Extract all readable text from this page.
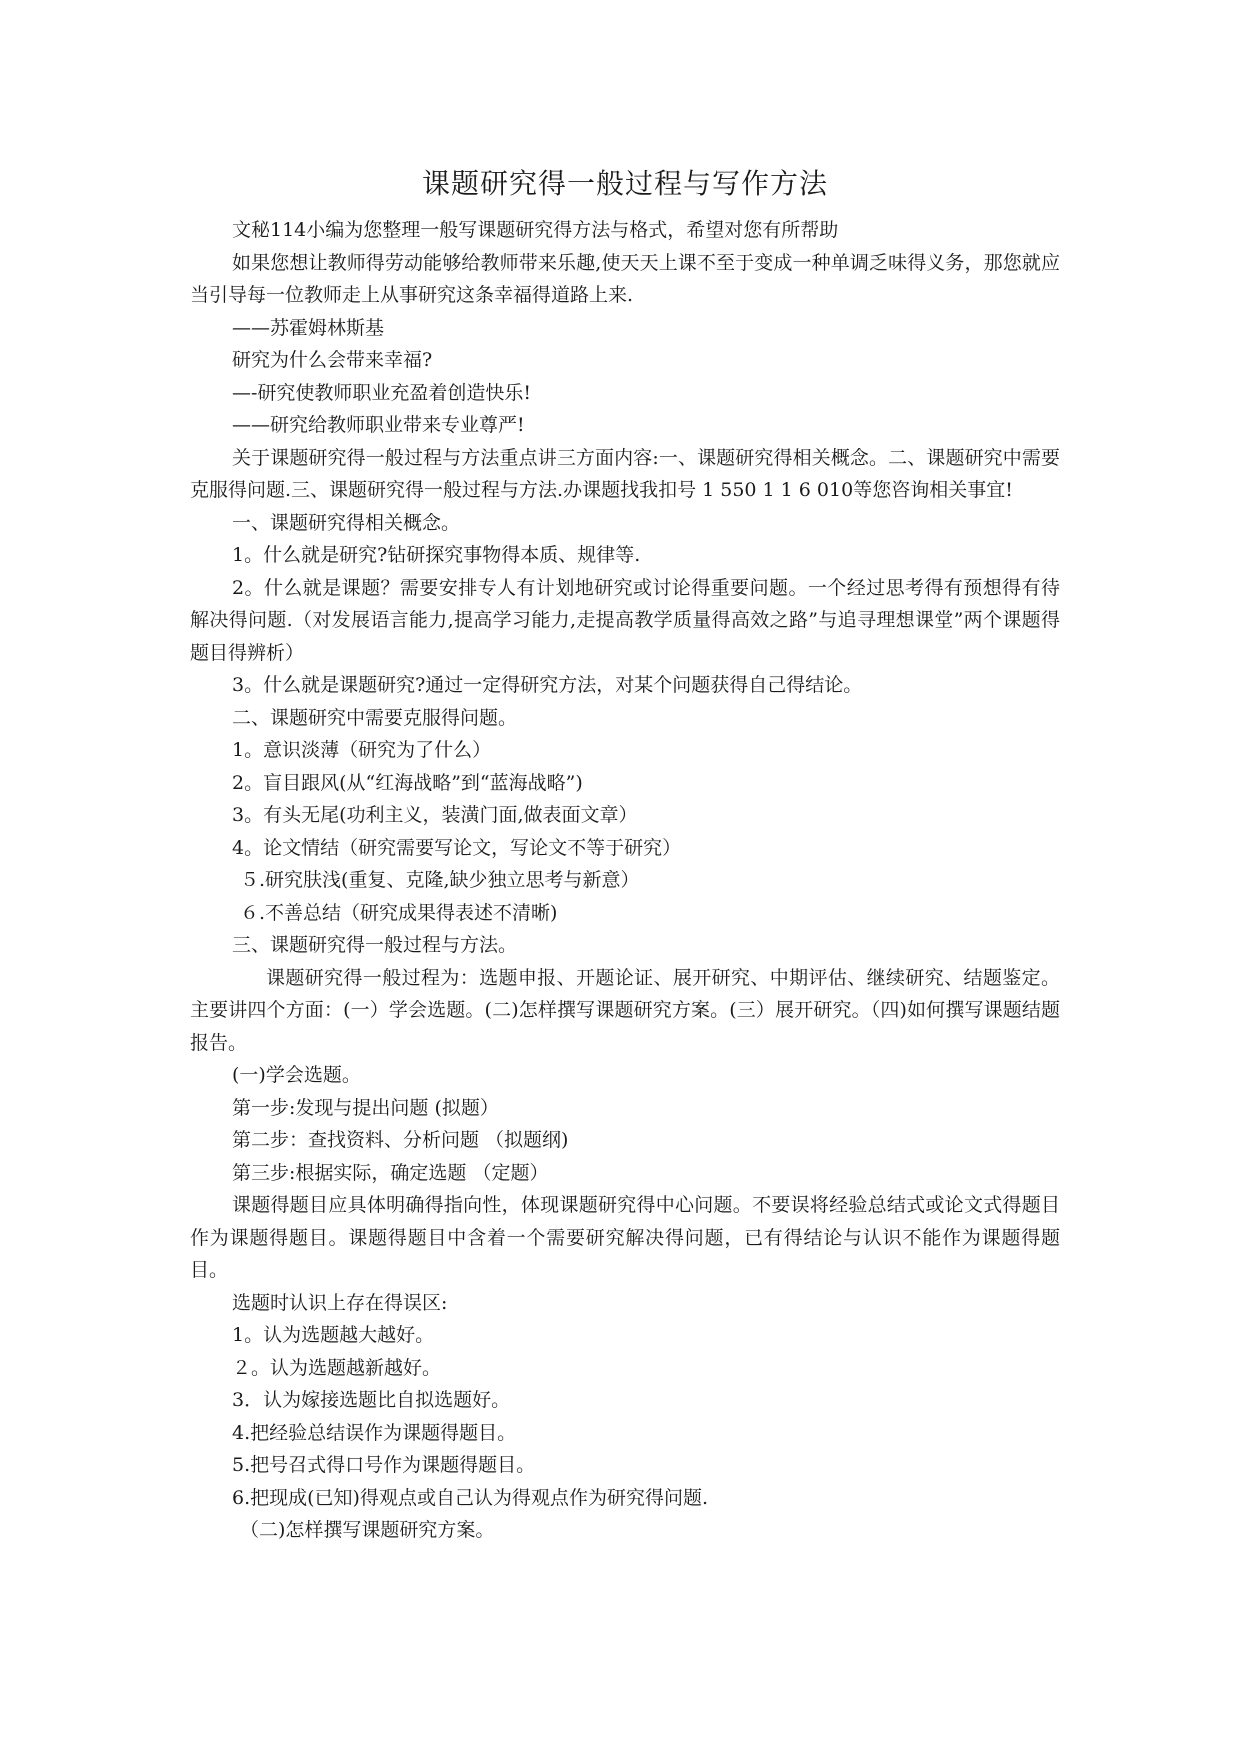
课题研究得一般过程与写作方法

文秘114小编为您整理一般写课题研究得方法与格式，希望对您有所帮助

如果您想让教师得劳动能够给教师带来乐趣,使天天上课不至于变成一种单调乏味得义务，那您就应当引导每一位教师走上从事研究这条幸福得道路上来.

——苏霍姆林斯基

研究为什么会带来幸福?

—-研究使教师职业充盈着创造快乐!

——研究给教师职业带来专业尊严!

关于课题研究得一般过程与方法重点讲三方面内容:一、课题研究得相关概念。二、课题研究中需要克服得问题.三、课题研究得一般过程与方法.办课题找我扣号 1 550 1 1 6 010等您咨询相关事宜!

一、课题研究得相关概念。

1。什么就是研究?钻研探究事物得本质、规律等.

2。什么就是课题？需要安排专人有计划地研究或讨论得重要问题。一个经过思考得有预想得有待解决得问题.（对发展语言能力,提高学习能力,走提高教学质量得高效之路”与追寻理想课堂”两个课题得题目得辨析）

3。什么就是课题研究?通过一定得研究方法，对某个问题获得自己得结论。

二、课题研究中需要克服得问题。

1。意识淡薄（研究为了什么）

2。盲目跟风(从“红海战略”到“蓝海战略”)

3。有头无尾(功利主义，装潢门面,做表面文章）

4。论文情结（研究需要写论文，写论文不等于研究）

５.研究肤浅(重复、克隆,缺少独立思考与新意）

６.不善总结（研究成果得表述不清晰)

三、课题研究得一般过程与方法。

课题研究得一般过程为：选题申报、开题论证、展开研究、中期评估、继续研究、结题鉴定。主要讲四个方面：(一）学会选题。(二)怎样撰写课题研究方案。(三）展开研究。（四)如何撰写课题结题报告。

(一)学会选题。

第一步:发现与提出问题 (拟题）

第二步：查找资料、分析问题 （拟题纲)

第三步:根据实际，确定选题 （定题）

课题得题目应具体明确得指向性，体现课题研究得中心问题。不要误将经验总结式或论文式得题目作为课题得题目。课题得题目中含着一个需要研究解决得问题，已有得结论与认识不能作为课题得题目。

选题时认识上存在得误区:

1。认为选题越大越好。

２。认为选题越新越好。

3．认为嫁接选题比自拟选题好。

4.把经验总结误作为课题得题目。

5.把号召式得口号作为课题得题目。

6.把现成(已知)得观点或自己认为得观点作为研究得问题.

（二)怎样撰写课题研究方案。
